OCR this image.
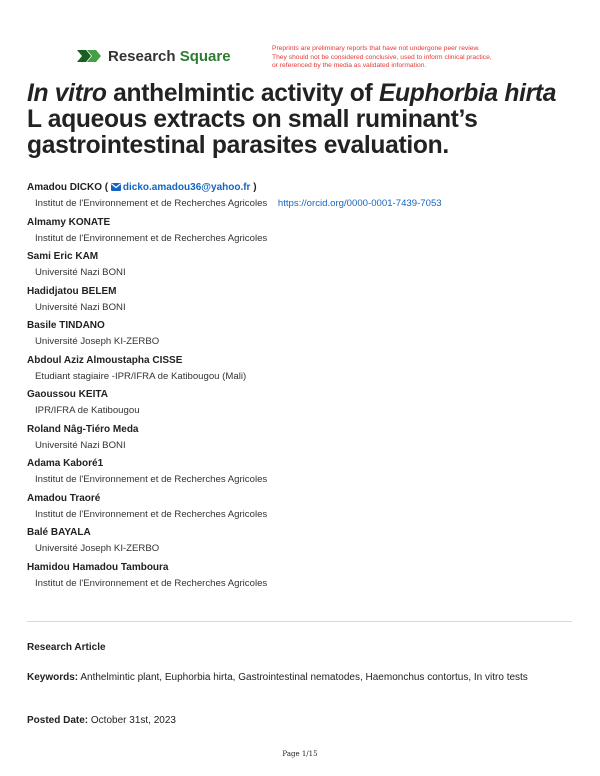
Research Square	Preprints are preliminary reports that have not undergone peer review.
They should not be considered conclusive, used to inform clinical practice,
or referenced by the media as validated information.
In vitro anthelmintic activity of Euphorbia hirta L aqueous extracts on small ruminant’s gastrointestinal parasites evaluation.
Amadou DICKO ( dicko.amadou36@yahoo.fr )
Institut de l'Environnement et de Recherches Agricoles https://orcid.org/0000-0001-7439-7053
Almamy KONATE
Institut de l'Environnement et de Recherches Agricoles
Sami Eric KAM
Université Nazi BONI
Hadidjatou BELEM
Université Nazi BONI
Basile TINDANO
Université Joseph KI-ZERBO
Abdoul Aziz Almoustapha CISSE
Etudiant stagiaire -IPR/IFRA de Katibougou (Mali)
Gaoussou KEITA
IPR/IFRA de Katibougou
Roland Nâg-Tiéro Meda
Université Nazi BONI
Adama Kaboré1
Institut de l'Environnement et de Recherches Agricoles
Amadou Traoré
Institut de l'Environnement et de Recherches Agricoles
Balé BAYALA
Université Joseph KI-ZERBO
Hamidou Hamadou Tamboura
Institut de l'Environnement et de Recherches Agricoles
Research Article
Keywords: Anthelmintic plant, Euphorbia hirta, Gastrointestinal nematodes, Haemonchus contortus, In vitro tests
Posted Date: October 31st, 2023
Page 1/15
